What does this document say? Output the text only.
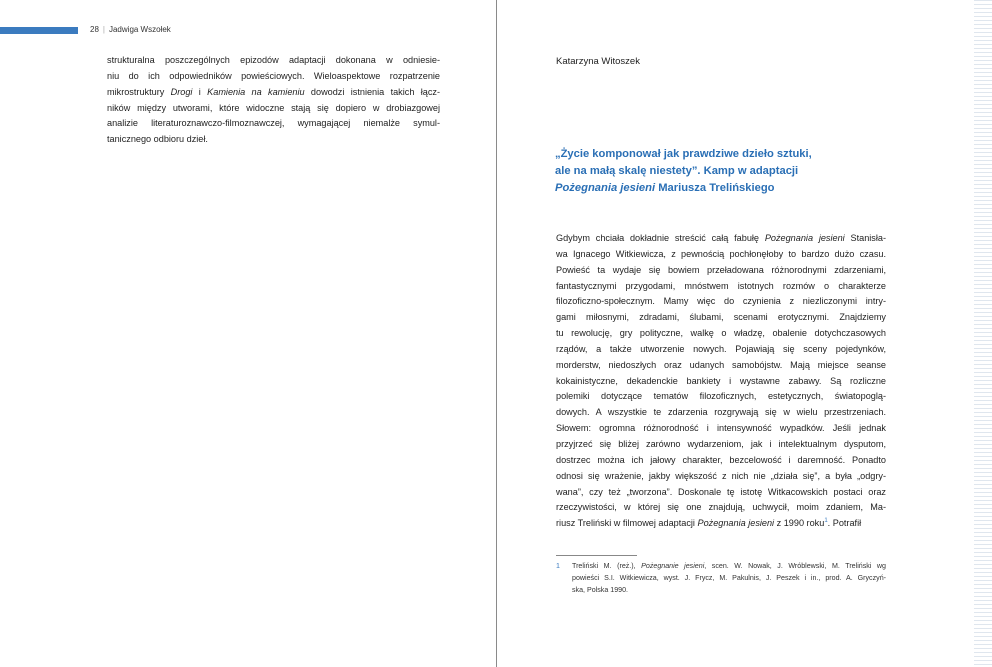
28 | Jadwiga Wszołek
strukturalna poszczególnych epizodów adaptacji dokonana w odniesie-
niu do ich odpowiedników powieściowych. Wieloaspektowe rozpatrzenie
mikrostruktury Drogi i Kamienia na kamieniu dowodzi istnienia takich łącz-
ników między utworami, które widoczne stają się dopiero w drobiazgowej
analizie literaturoznawczo-filmoznawczej, wymagającej niemalże symul-
tanicznego odbioru dzieł.
Katarzyna Witoszek
„Życie komponował jak prawdziwe dzieło sztuki,
ale na małą skalę niestety”. Kamp w adaptacji
Pożegnania jesieni Mariusza Trelińskiego
Gdybym chciała dokładnie streścić całą fabułę Pożegnania jesieni Stanisła-
wa Ignacego Witkiewicza, z pewnością pochłonęłoby to bardzo dużo czasu.
Powieść ta wydaje się bowiem przeładowana różnorodnymi zdarzeniami,
fantastycznymi przygodami, mnóstwem istotnych rozmów o charakterze
filozoficzno-społecznym. Mamy więc do czynienia z niezliczonymi intry-
gami miłosnymi, zdradami, ślubami, scenami erotycznymi. Znajdziemy
tu rewolucję, gry polityczne, walkę o władzę, obalenie dotychczasowych
rządów, a także utworzenie nowych. Pojawiają się sceny pojedynków,
morderstw, niedoszłych oraz udanych samobójstw. Mają miejsce seanse
kokainistyczne, dekadenckie bankiety i wystawne zabawy. Są rozliczne
polemiki dotyczące tematów filozoficznych, estetycznych, światopoglą-
dowych. A wszystkie te zdarzenia rozgrywają się w wielu przestrzeniach.
Słowem: ogromna różnorodność i intensywność wypadków. Jeśli jednak
przyjrzeć się bliżej zarówno wydarzeniom, jak i intelektualnym dysputom,
dostrzec można ich jałowy charakter, bezcelowość i daremność. Ponadto
odnosi się wrażenie, jakby większość z nich nie „działa się”, a była „odgry-
wana”, czy też „tworzona”. Doskonale tę istotę Witkacowskich postaci oraz
rzeczywistości, w której się one znajdują, uchwycił, moim zdaniem, Ma-
riusz Treliński w filmowej adaptacji Pożegnania jesieni z 1990 roku$^1$. Potrafił
1 Treliński M. (reż.), Pożegnanie jesieni, scen. W. Nowak, J. Wróblewski, M. Treliński wg
powieści S.I. Witkiewicza, wyst. J. Frycz, M. Pakulnis, J. Peszek i in., prod. A. Gryczyń-
ska, Polska 1990.
